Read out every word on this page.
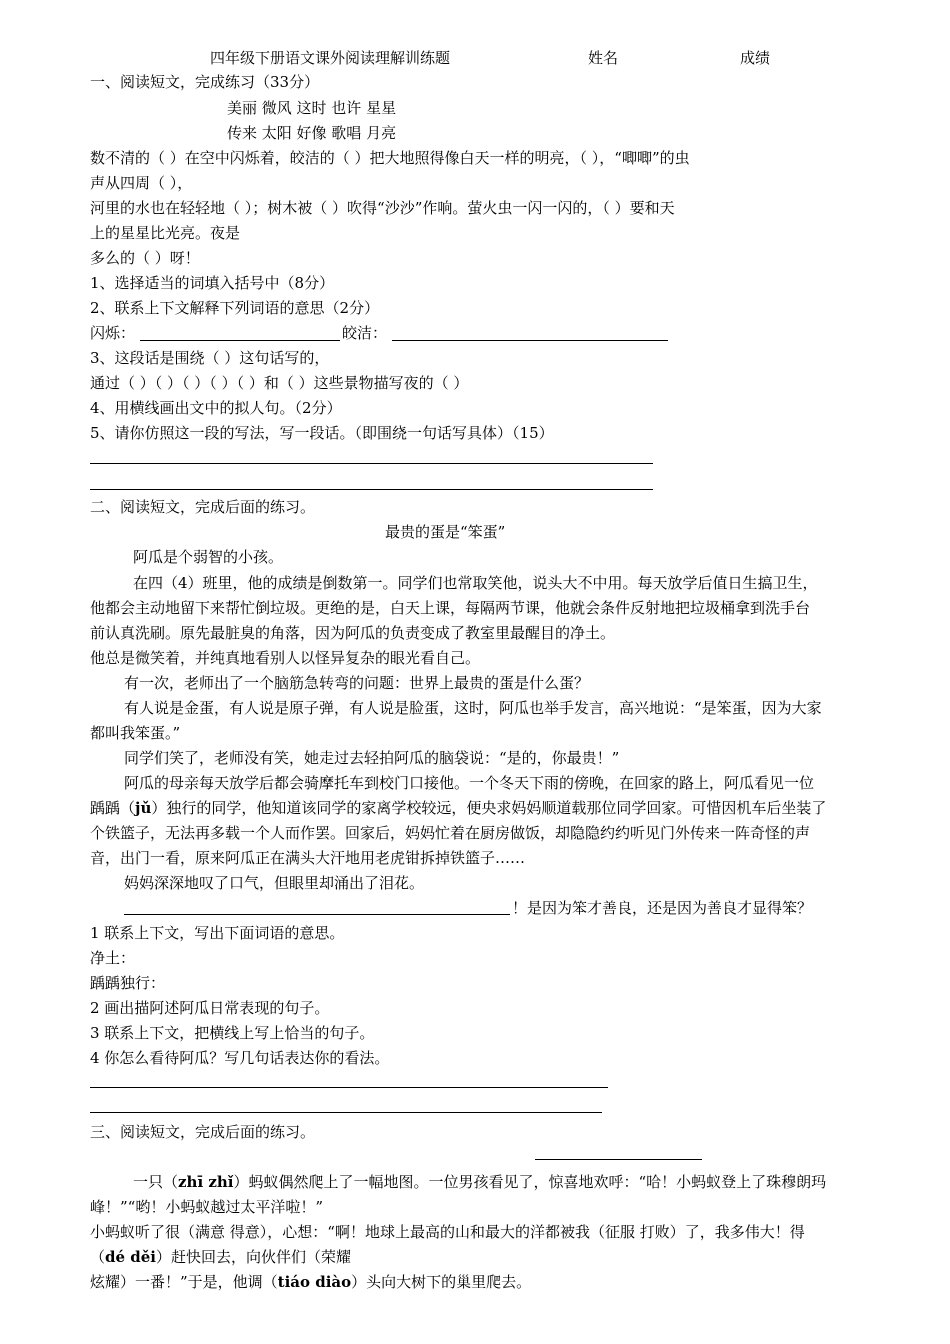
四年级下册语文课外阅读理解训练题	姓名	成绩
一、阅读短文，完成练习（33分）
美丽 微风 这时 也许 星星
传来 太阳 好像 歌唱 月亮
数不清的（ ）在空中闪烁着，皎洁的（ ）把大地照得像白天一样的明亮，（ ），“唧唧”的虫
声从四周（ ），
河里的水也在轻轻地（ ）；树木被（ ）吹得“沙沙”作响。萤火虫一闪一闪的，（ ）要和天
上的星星比光亮。夜是
多么的（ ）呀！
1、选择适当的词填入括号中（8分）
2、联系上下文解释下列词语的意思（2分）
闪烁：	皎洁：
3、这段话是围绕（ ）这句话写的，
通过（ ）（ ）（ ）（ ）（ ）和（ ）这些景物描写夜的（ ）
4、用横线画出文中的拟人句。（2分）
5、请你仿照这一段的写法，写一段话。（即围绕一句话写具体）（15）
二、阅读短文，完成后面的练习。
最贵的蛋是“笨蛋”
阿瓜是个弱智的小孩。
在四（4）班里，他的成绩是倒数第一。同学们也常取笑他，说头大不中用。每天放学后值日生搞卫生，
他都会主动地留下来帮忙倒垃圾。更绝的是，白天上课，每隔两节课，他就会条件反射地把垃圾桶拿到洗手台
前认真洗刷。原先最脏臭的角落，因为阿瓜的负责变成了教室里最醒目的净土。
他总是微笑着，并纯真地看别人以怪异复杂的眼光看自己。
有一次，老师出了一个脑筋急转弯的问题：世界上最贵的蛋是什么蛋？
有人说是金蛋，有人说是原子弹，有人说是脸蛋，这时，阿瓜也举手发言，高兴地说：“是笨蛋，因为大家
都叫我笨蛋。”
同学们笑了，老师没有笑，她走过去轻拍阿瓜的脑袋说：“是的，你最贵！”
阿瓜的母亲每天放学后都会骑摩托车到校门口接他。一个冬天下雨的傍晚，在回家的路上，阿瓜看见一位
踽踽（jǔ）独行的同学，他知道该同学的家离学校较远，便央求妈妈顺道载那位同学回家。可惜因机车后坐装了
个铁篮子，无法再多载一个人而作罢。回家后，妈妈忙着在厨房做饭，却隐隐约约听见门外传来一阵奇怪的声
音，出门一看，原来阿瓜正在满头大汗地用老虎钳拆掉铁篮子……
妈妈深深地叹了口气，但眼里却涌出了泪花。
！是因为笨才善良，还是因为善良才显得笨？
1 联系上下文，写出下面词语的意思。
净土：
踽踽独行：
2 画出描阿述阿瓜日常表现的句子。
3 联系上下文，把横线上写上恰当的句子。
4 你怎么看待阿瓜？写几句话表达你的看法。
三、阅读短文，完成后面的练习。
一只（zhī zhǐ）蚂蚁偶然爬上了一幅地图。一位男孩看见了，惊喜地欢呼：“哈！小蚂蚁登上了珠穆朗玛
峰！”“哟！小蚂蚁越过太平洋啦！”
小蚂蚁听了很（满意 得意），心想：“啊！地球上最高的山和最大的洋都被我（征服 打败）了，我多伟大！得
（dé děi）赶快回去，向伙伴们（荣耀
炫耀）一番！”于是，他调（tiáo diào）头向大树下的巢里爬去。
